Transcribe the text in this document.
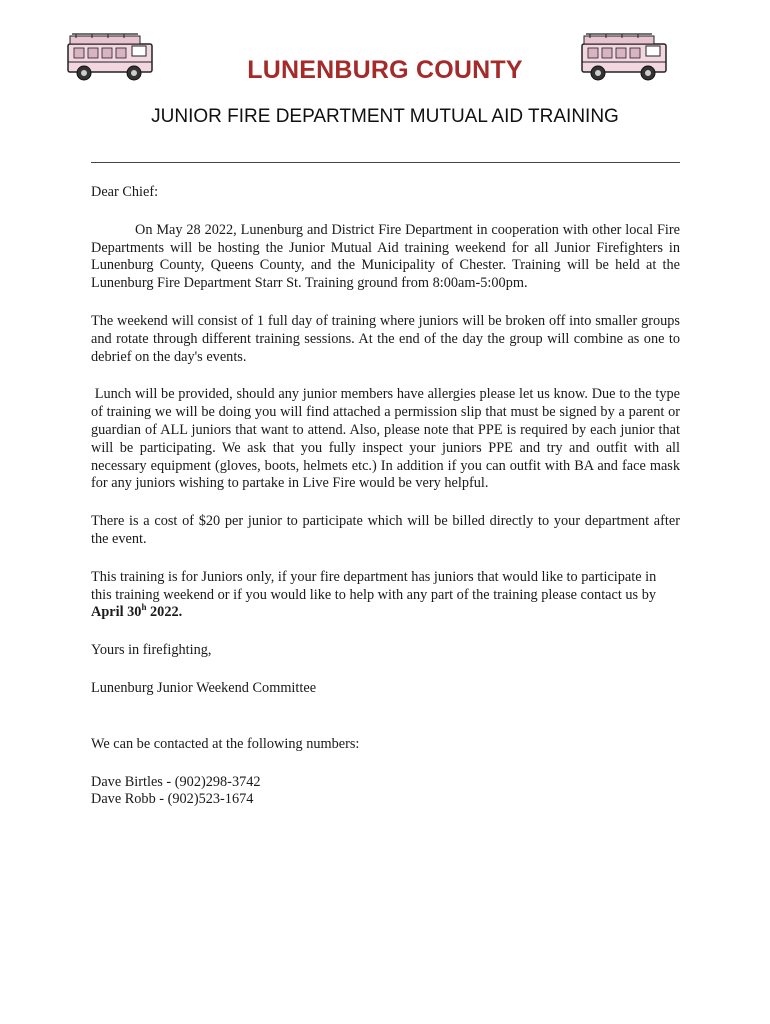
LUNENBURG COUNTY
JUNIOR FIRE DEPARTMENT MUTUAL AID TRAINING

Dear Chief:

On May 28 2022, Lunenburg and District Fire Department in cooperation with other local Fire Departments will be hosting the Junior Mutual Aid training weekend for all Junior Firefighters in Lunenburg County, Queens County, and the Municipality of Chester. Training will be held at the Lunenburg Fire Department Starr St. Training ground from 8:00am-5:00pm.

The weekend will consist of 1 full day of training where juniors will be broken off into smaller groups and rotate through different training sessions. At the end of the day the group will combine as one to debrief on the day's events.

Lunch will be provided, should any junior members have allergies please let us know. Due to the type of training we will be doing you will find attached a permission slip that must be signed by a parent or guardian of ALL juniors that want to attend. Also, please note that PPE is required by each junior that will be participating. We ask that you fully inspect your juniors PPE and try and outfit with all necessary equipment (gloves, boots, helmets etc.) In addition if you can outfit with BA and face mask for any juniors wishing to partake in Live Fire would be very helpful.

There is a cost of $20 per junior to participate which will be billed directly to your department after the event.

This training is for Juniors only, if your fire department has juniors that would like to participate in this training weekend or if you would like to help with any part of the training please contact us by April 30$^h$ 2022.

Yours in firefighting,

Lunenburg Junior Weekend Committee

We can be contacted at the following numbers:

Dave Birtles - (902)298-3742

Dave Robb - (902)523-1674
